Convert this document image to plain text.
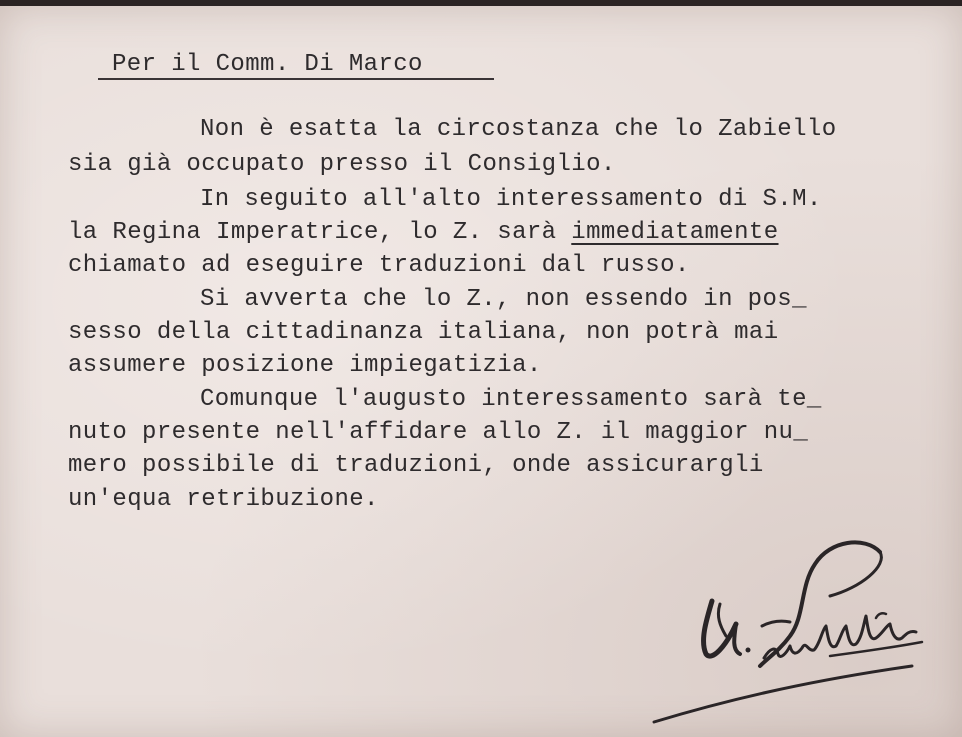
Per il Comm. Di Marco
Non è esatta la circostanza che lo Zabiello
sia già occupato presso il Consiglio.
In seguito all'alto interessamento di S.M.
la Regina Imperatrice, lo Z. sarà immediatamente
chiamato ad eseguire traduzioni dal russo.
Si avverta che lo Z., non essendo in pos_
sesso della cittadinanza italiana, non potrà mai
assumere posizione impiegatizia.
Comunque l'augusto interessamento sarà te_
nuto presente nell'affidare allo Z. il maggior nu_
mero possibile di traduzioni, onde assicurargli
un'equa retribuzione.
